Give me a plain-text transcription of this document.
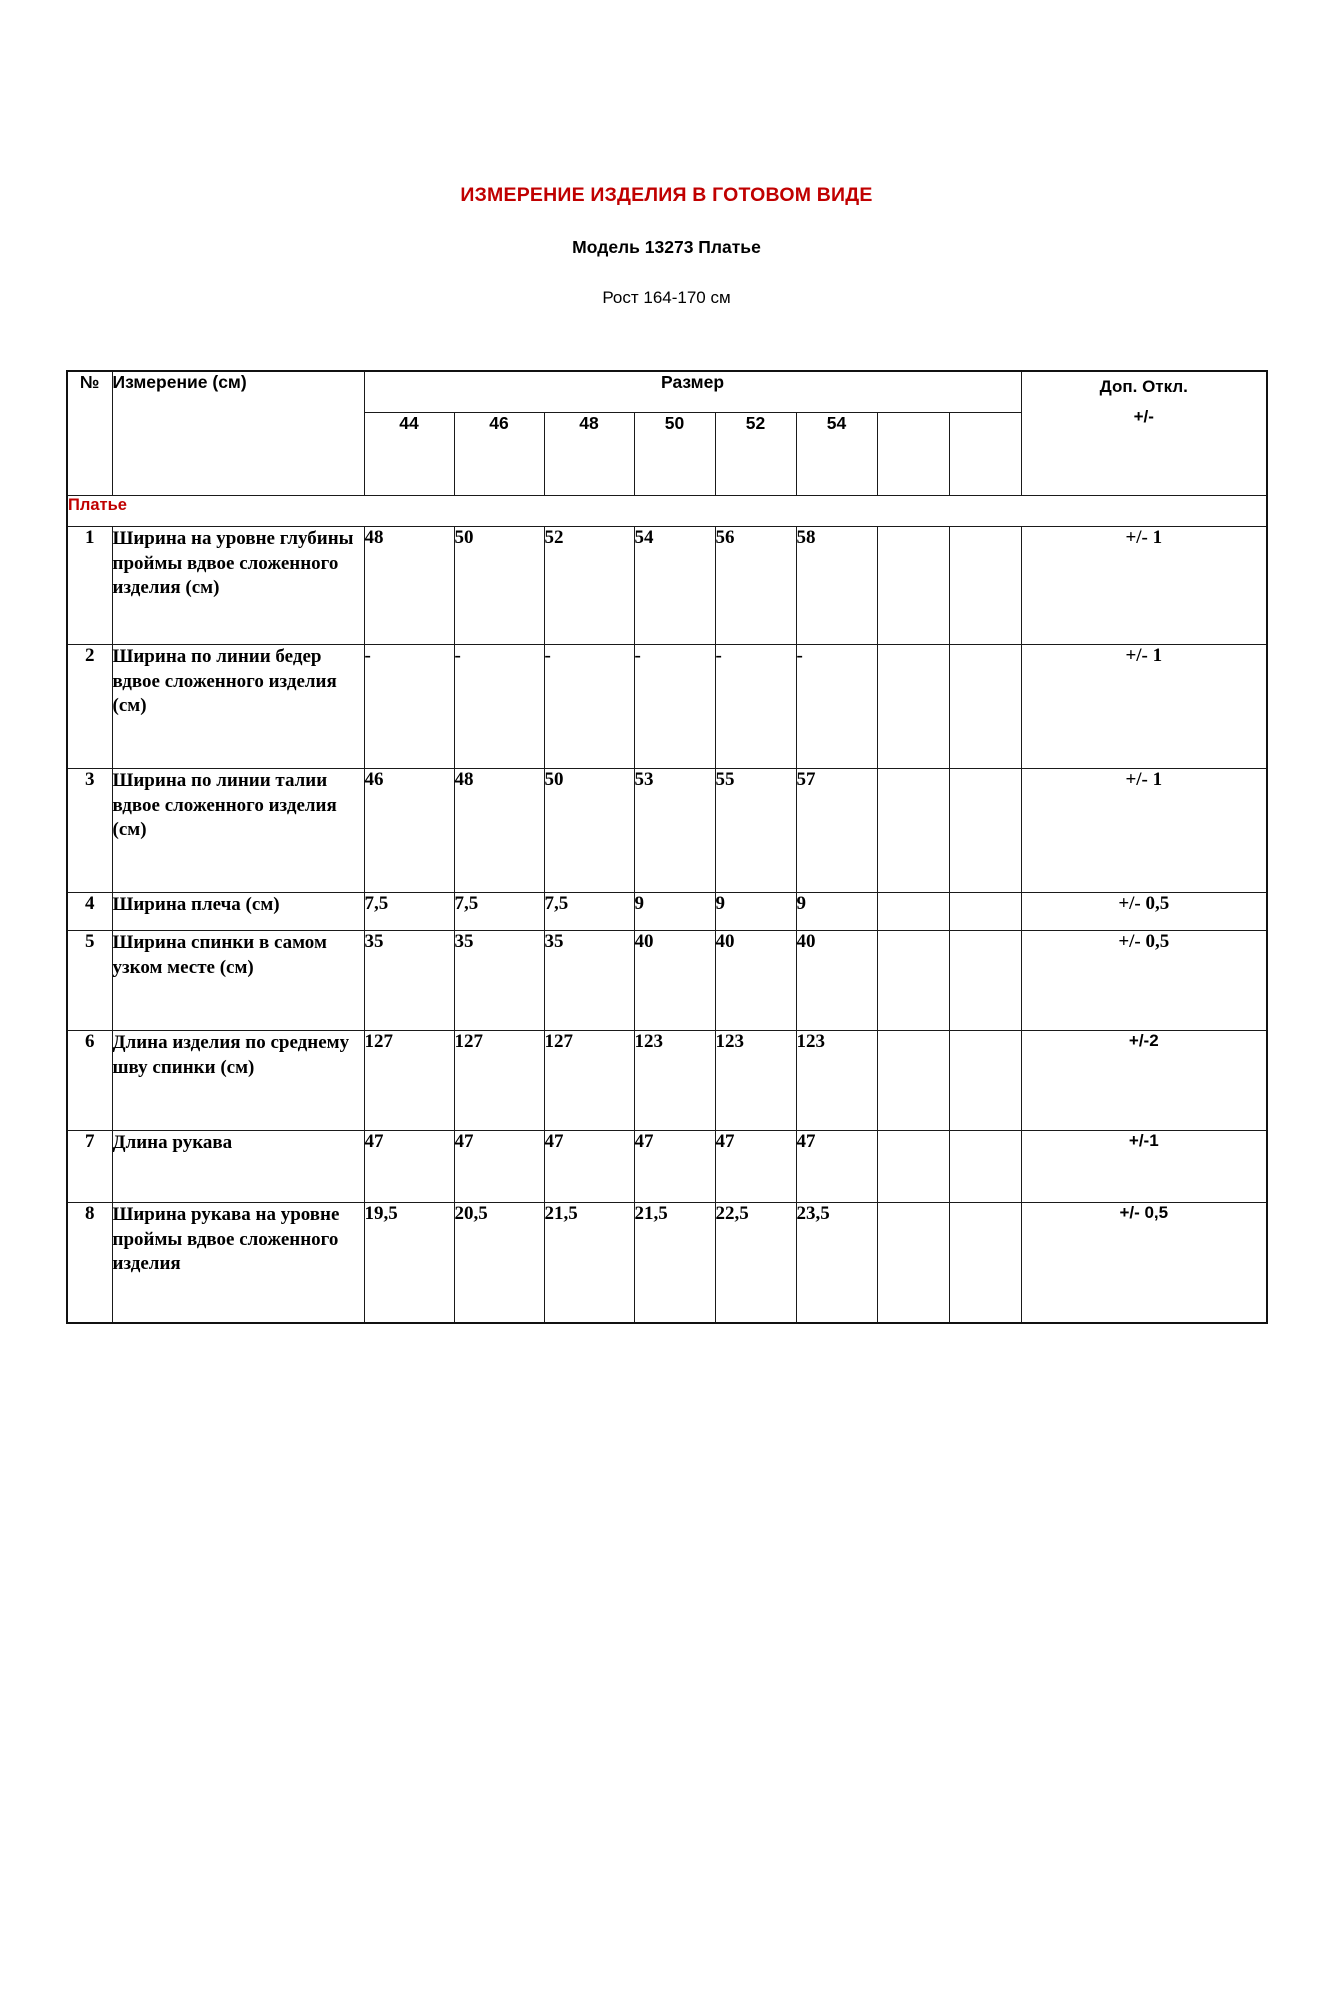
ИЗМЕРЕНИЕ ИЗДЕЛИЯ В ГОТОВОМ ВИДЕ
Модель 13273 Платье
Рост 164-170 см
№	Измерение (см)	Размер								Доп. Откл.
+/-

		44	46	48	50	52	54			
Платье										
1	Ширина на уровне глубины проймы вдвое сложенного изделия (см)	48	50	52	54	56	58			+/- 1
2	Ширина по линии бедер вдвое сложенного изделия (см)	-	-	-	-	-	-			+/- 1
3	Ширина по линии талии вдвое сложенного изделия (см)	46	48	50	53	55	57			+/- 1
4	Ширина плеча (см)	7,5	7,5	7,5	9	9	9			+/- 0,5
5	Ширина спинки в самом узком месте (см)	35	35	35	40	40	40			+/- 0,5
6	Длина изделия по среднему шву спинки (см)	127	127	127	123	123	123			+/-2
7	Длина рукава	47	47	47	47	47	47			+/-1
8	Ширина рукава на уровне проймы вдвое сложенного изделия	19,5	20,5	21,5	21,5	22,5	23,5			+/- 0,5
